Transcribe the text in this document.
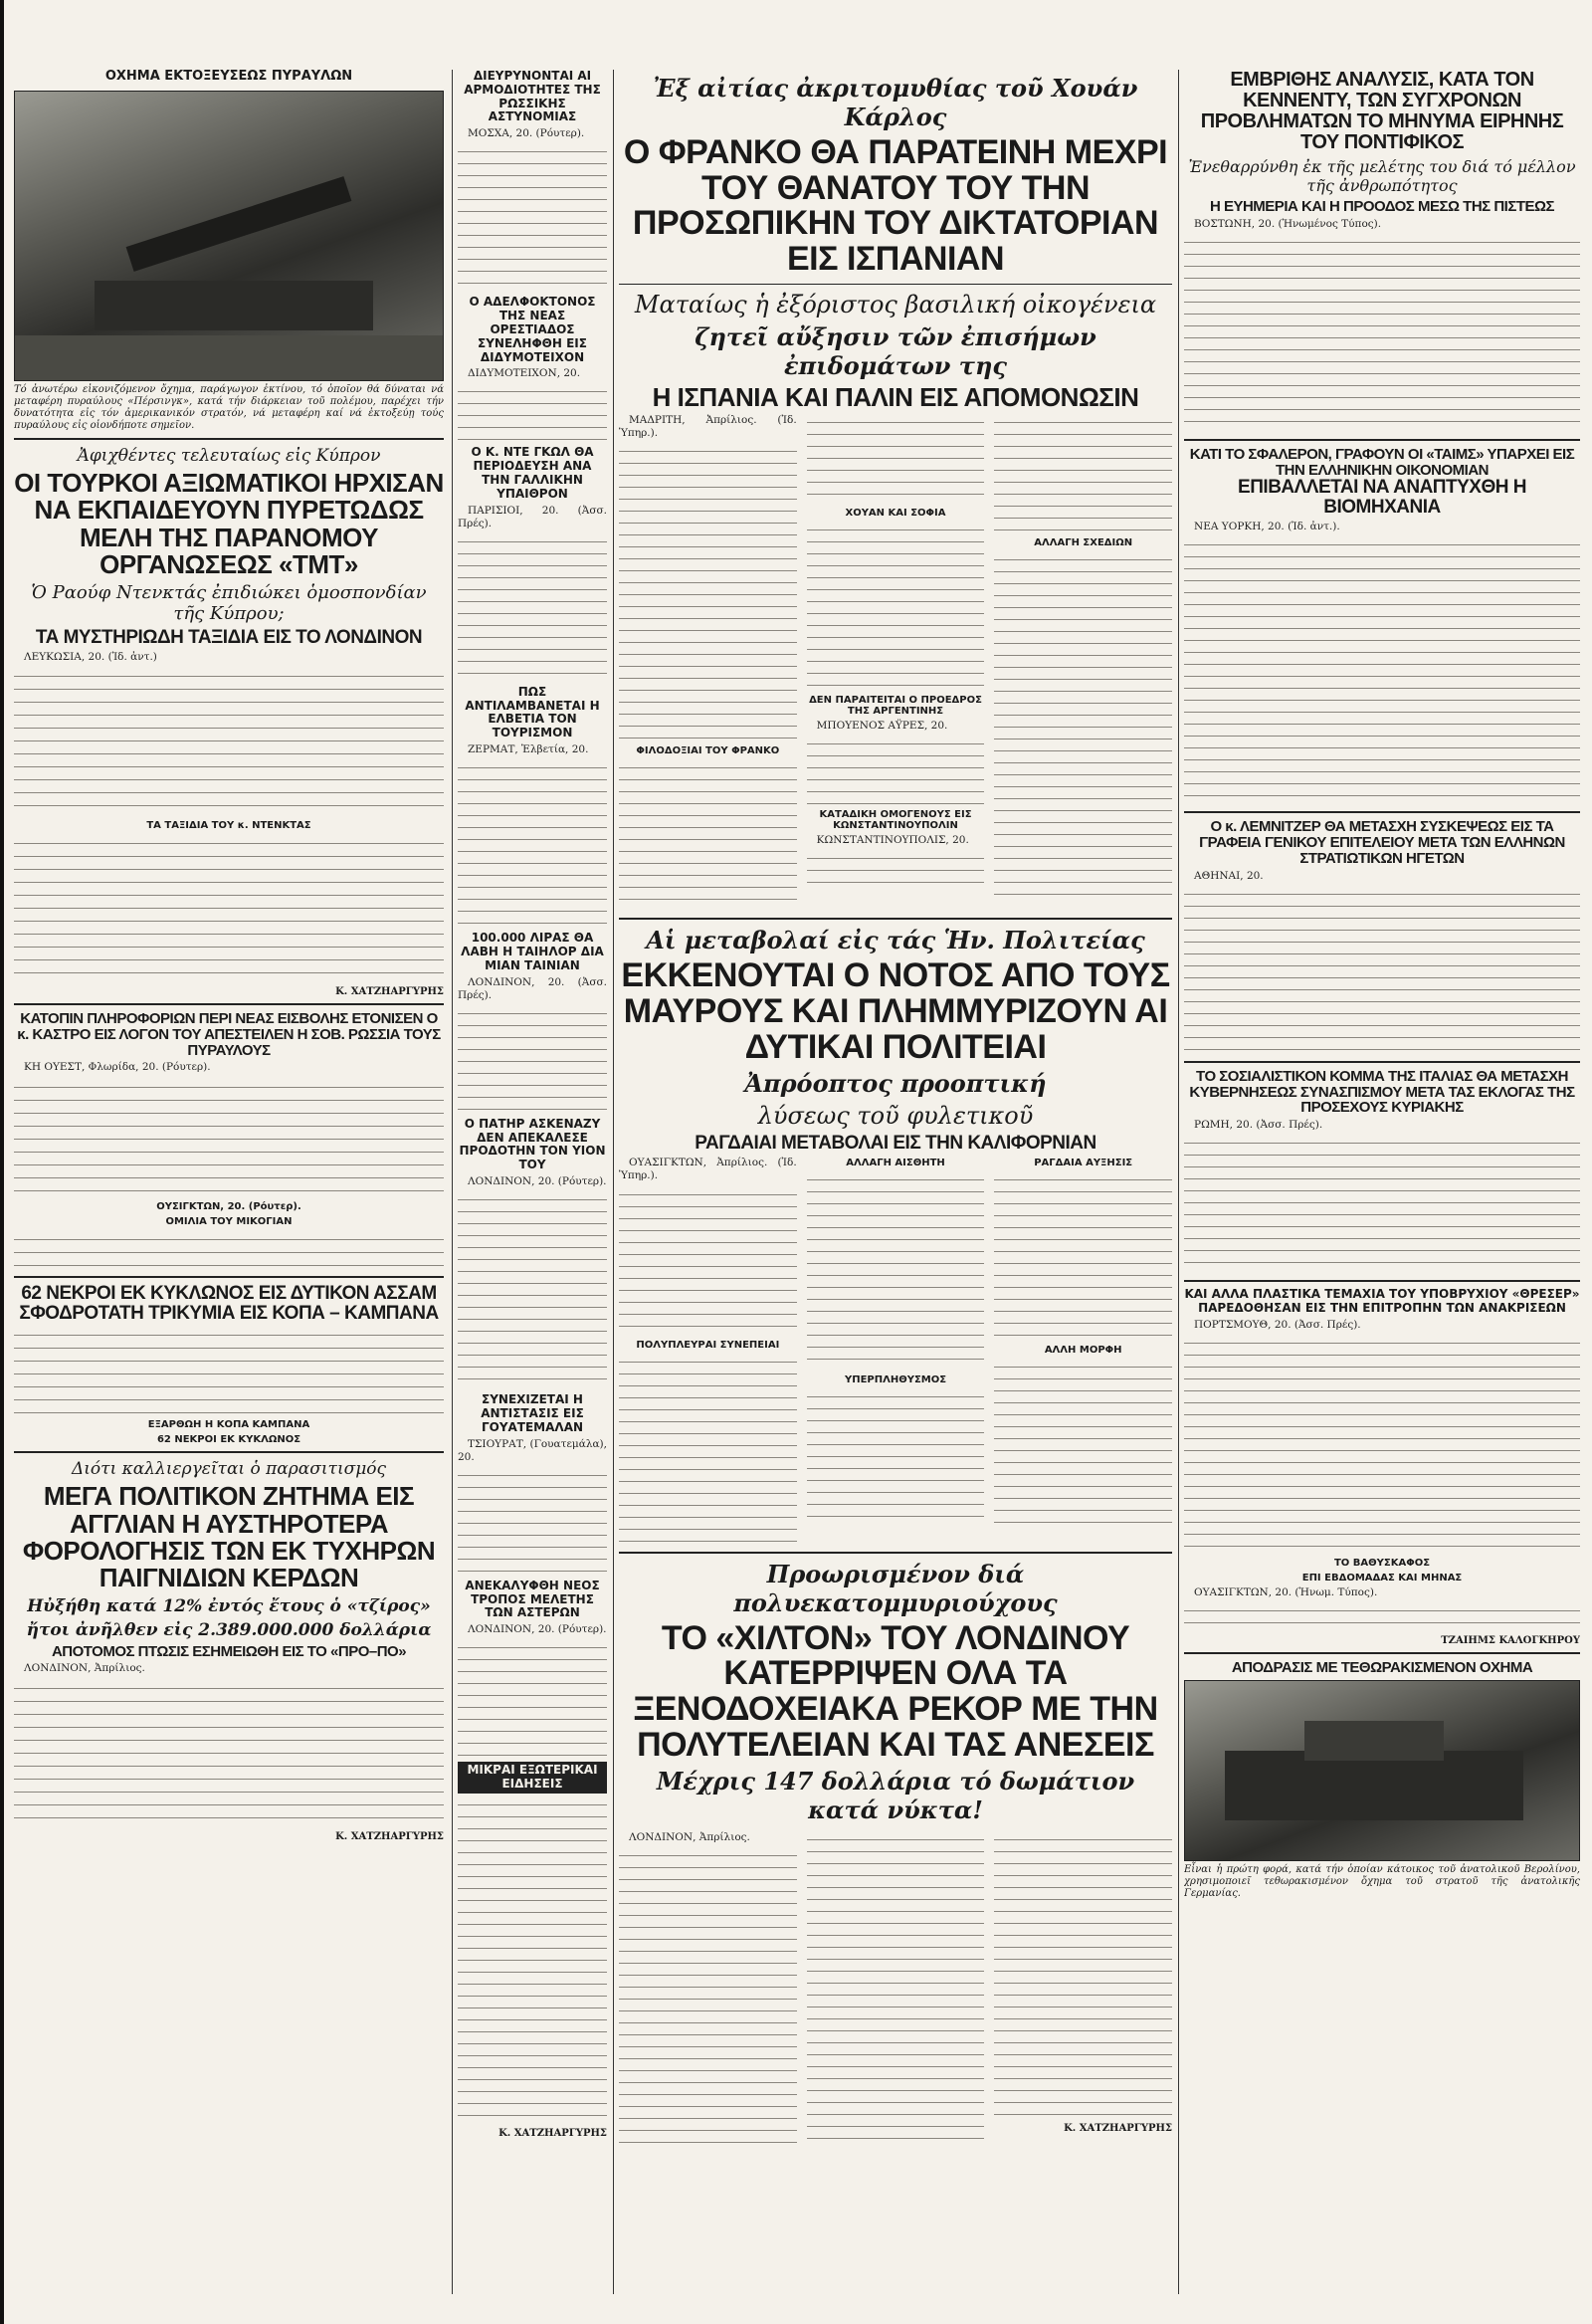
ΟΧΗΜΑ ΕΚΤΟΞΕΥΣΕΩΣ ΠΥΡΑΥΛΩΝ
Τό ἀνωτέρω εἰκονιζόμενον ὄχημα, παράγωγον ἐκτίνου, τό ὁποῖον θά δύναται νά μεταφέρη πυραύλους «Πέρσινγκ», κατά τήν διάρκειαν τοῦ πολέμου, παρέχει τήν δυνατότητα εἰς τόν ἀμερικανικόν στρατόν, νά μεταφέρη καί νά ἐκτοξεύῃ τούς πυραύλους εἰς οἱονδήποτε σημεῖον.
Ἀφιχθέντες τελευταίως εἰς Κύπρον
ΟΙ ΤΟΥΡΚΟΙ ΑΞΙΩΜΑΤΙΚΟΙ ΗΡΧΙΣΑΝ ΝΑ ΕΚΠΑΙΔΕΥΟΥΝ ΠΥΡΕΤΩΔΩΣ ΜΕΛΗ ΤΗΣ ΠΑΡΑΝΟΜΟΥ ΟΡΓΑΝΩΣΕΩΣ «ΤΜΤ»
Ὁ Ραούφ Ντενκτάς ἐπιδιώκει ὁμοσπονδίαν τῆς Κύπρου;
ΤΑ ΜΥΣΤΗΡΙΩΔΗ ΤΑΞΙΔΙΑ ΕΙΣ ΤΟ ΛΟΝΔΙΝΟΝ
ΛΕΥΚΩΣΙΑ, 20. (Ἰδ. ἀντ.)
ΤΑ ΤΑΞΙΔΙΑ ΤΟΥ κ. ΝΤΕΝΚΤΑΣ
Κ. ΧΑΤΖΗΑΡΓΥΡΗΣ
ΚΑΤΟΠΙΝ ΠΛΗΡΟΦΟΡΙΩΝ ΠΕΡΙ ΝΕΑΣ ΕΙΣΒΟΛΗΣ ΕΤΟΝΙΣΕΝ Ο κ. ΚΑΣΤΡΟ ΕΙΣ ΛΟΓΟΝ ΤΟΥ ΑΠΕΣΤΕΙΛΕΝ Η ΣΟΒ. ΡΩΣΣΙΑ ΤΟΥΣ ΠΥΡΑΥΛΟΥΣ
ΚΗ ΟΥΕΣΤ, Φλωρίδα, 20. (Ρόυτερ).
ΟΥΣΙΓΚΤΩΝ, 20. (Ρόυτερ).
ΟΜΙΛΙΑ ΤΟΥ ΜΙΚΟΓΙΑΝ
62 ΝΕΚΡΟΙ ΕΚ ΚΥΚΛΩΝΟΣ ΕΙΣ ΔΥΤΙΚΟΝ ΑΣΣΑΜ
ΣΦΟΔΡΟΤΑΤΗ ΤΡΙΚΥΜΙΑ ΕΙΣ ΚΟΠΑ – ΚΑΜΠΑΝΑ
ΕΞΑΡΘΩΗ Η ΚΟΠΑ ΚΑΜΠΑΝΑ
62 ΝΕΚΡΟΙ ΕΚ ΚΥΚΛΩΝΟΣ
Διότι καλλιεργεῖται ὁ παρασιτισμός
ΜΕΓΑ ΠΟΛΙΤΙΚΟΝ ΖΗΤΗΜΑ ΕΙΣ ΑΓΓΛΙΑΝ Η ΑΥΣΤΗΡΟΤΕΡΑ ΦΟΡΟΛΟΓΗΣΙΣ ΤΩΝ ΕΚ ΤΥΧΗΡΩΝ ΠΑΙΓΝΙΔΙΩΝ ΚΕΡΔΩΝ
Ηὐξήθη κατά 12% ἐντός ἔτους ὁ «τζίρος»
ἤτοι ἀνῆλθεν εἰς 2.389.000.000 δολλάρια
ΑΠΟΤΟΜΟΣ ΠΤΩΣΙΣ ΕΣΗΜΕΙΩΘΗ ΕΙΣ ΤΟ «ΠΡΟ–ΠΟ»
ΛΟΝΔΙΝΟΝ, Ἀπρίλιος.
Κ. ΧΑΤΖΗΑΡΓΥΡΗΣ
ΔΙΕΥΡΥΝΟΝΤΑΙ ΑΙ ΑΡΜΟΔΙΟΤΗΤΕΣ ΤΗΣ ΡΩΣΣΙΚΗΣ ΑΣΤΥΝΟΜΙΑΣ
ΜΟΣΧΑ, 20. (Ρόυτερ).
Ο ΑΔΕΛΦΟΚΤΟΝΟΣ ΤΗΣ ΝΕΑΣ ΟΡΕΣΤΙΑΔΟΣ ΣΥΝΕΛΗΦΘΗ ΕΙΣ ΔΙΔΥΜΟΤΕΙΧΟΝ
ΔΙΔΥΜΟΤΕΙΧΟΝ, 20.
Ο Κ. ΝΤΕ ΓΚΩΛ ΘΑ ΠΕΡΙΟΔΕΥΣΗ ΑΝΑ ΤΗΝ ΓΑΛΛΙΚΗΝ ΥΠΑΙΘΡΟΝ
ΠΑΡΙΣΙΟΙ, 20. (Ἀσσ. Πρές).
ΠΩΣ ΑΝΤΙΛΑΜΒΑΝΕΤΑΙ Η ΕΛΒΕΤΙΑ ΤΟΝ ΤΟΥΡΙΣΜΟΝ
ΖΕΡΜΑΤ, Ἑλβετία, 20.
100.000 ΛΙΡΑΣ ΘΑ ΛΑΒΗ Η ΤΑΙΗΛΟΡ ΔΙΑ ΜΙΑΝ ΤΑΙΝΙΑΝ
ΛΟΝΔΙΝΟΝ, 20. (Ἀσσ. Πρές).
Ο ΠΑΤΗΡ ΑΣΚΕΝΑΖΥ ΔΕΝ ΑΠΕΚΑΛΕΣΕ ΠΡΟΔΟΤΗΝ ΤΟΝ ΥΙΟΝ ΤΟΥ
ΛΟΝΔΙΝΟΝ, 20. (Ρόυτερ).
ΣΥΝΕΧΙΖΕΤΑΙ Η ΑΝΤΙΣΤΑΣΙΣ ΕΙΣ ΓΟΥΑΤΕΜΑΛΑΝ
ΤΣΙΟΥΡΑΤ, (Γουατεμάλα), 20.
ΑΝΕΚΑΛΥΦΘΗ ΝΕΟΣ ΤΡΟΠΟΣ ΜΕΛΕΤΗΣ ΤΩΝ ΑΣΤΕΡΩΝ
ΛΟΝΔΙΝΟΝ, 20. (Ρόυτερ).
ΜΙΚΡΑΙ ΕΞΩΤΕΡΙΚΑΙ ΕΙΔΗΣΕΙΣ
Κ. ΧΑΤΖΗΑΡΓΥΡΗΣ
Ἐξ αἰτίας ἀκριτομυθίας τοῦ Χουάν Κάρλος
Ο ΦΡΑΝΚΟ ΘΑ ΠΑΡΑΤΕΙΝΗ ΜΕΧΡΙ ΤΟΥ ΘΑΝΑΤΟΥ ΤΟΥ ΤΗΝ ΠΡΟΣΩΠΙΚΗΝ ΤΟΥ ΔΙΚΤΑΤΟΡΙΑΝ ΕΙΣ ΙΣΠΑΝΙΑΝ
Ματαίως ἡ ἐξόριστος βασιλική οἰκογένεια
ζητεῖ αὔξησιν τῶν ἐπισήμων ἐπιδομάτων της
Η ΙΣΠΑΝΙΑ ΚΑΙ ΠΑΛΙΝ ΕΙΣ ΑΠΟΜΟΝΩΣΙΝ
ΜΑΔΡΙΤΗ, Ἀπρίλιος. (Ἰδ. Ὑπηρ.).
ΦΙΛΟΔΟΞΙΑΙ ΤΟΥ ΦΡΑΝΚΟ
ΧΟΥΑΝ ΚΑΙ ΣΟΦΙΑ
ΔΕΝ ΠΑΡΑΙΤΕΙΤΑΙ Ο ΠΡΟΕΔΡΟΣ ΤΗΣ ΑΡΓΕΝΤΙΝΗΣ
ΜΠΟΥΕΝΟΣ ΑΫΡΕΣ, 20.
ΚΑΤΑΔΙΚΗ ΟΜΟΓΕΝΟΥΣ ΕΙΣ ΚΩΝΣΤΑΝΤΙΝΟΥΠΟΛΙΝ
ΚΩΝΣΤΑΝΤΙΝΟΥΠΟΛΙΣ, 20.
ΑΛΛΑΓΗ ΣΧΕΔΙΩΝ
Αἱ μεταβολαί εἰς τάς Ἡν. Πολιτείας
ΕΚΚΕΝΟΥΤΑΙ Ο ΝΟΤΟΣ ΑΠΟ ΤΟΥΣ ΜΑΥΡΟΥΣ ΚΑΙ ΠΛΗΜΜΥΡΙΖΟΥΝ ΑΙ ΔΥΤΙΚΑΙ ΠΟΛΙΤΕΙΑΙ
Ἀπρόοπτος προοπτική
λύσεως τοῦ φυλετικοῦ
ΡΑΓΔΑΙΑΙ ΜΕΤΑΒΟΛΑΙ ΕΙΣ ΤΗΝ ΚΑΛΙΦΟΡΝΙΑΝ
ΟΥΑΣΙΓΚΤΩΝ, Ἀπρίλιος. (Ἰδ. Ὑπηρ.).
ΠΟΛΥΠΛΕΥΡΑΙ ΣΥΝΕΠΕΙΑΙ
ΑΛΛΑΓΗ ΑΙΣΘΗΤΗ
ΥΠΕΡΠΛΗΘΥΣΜΟΣ
ΡΑΓΔΑΙΑ ΑΥΞΗΣΙΣ
ΑΛΛΗ ΜΟΡΦΗ
Προωρισμένον διά πολυεκατομμυριούχους
ΤΟ «ΧΙΛΤΟΝ» ΤΟΥ ΛΟΝΔΙΝΟΥ ΚΑΤΕΡΡΙΨΕΝ ΟΛΑ ΤΑ ΞΕΝΟΔΟΧΕΙΑΚΑ ΡΕΚΟΡ ΜΕ ΤΗΝ ΠΟΛΥΤΕΛΕΙΑΝ ΚΑΙ ΤΑΣ ΑΝΕΣΕΙΣ
Μέχρις 147 δολλάρια τό δωμάτιον κατά νύκτα!
ΛΟΝΔΙΝΟΝ, Ἀπρίλιος.
Κ. ΧΑΤΖΗΑΡΓΥΡΗΣ
ΕΜΒΡΙΘΗΣ ΑΝΑΛΥΣΙΣ, ΚΑΤΑ ΤΟΝ ΚΕΝΝΕΝΤΥ, ΤΩΝ ΣΥΓΧΡΟΝΩΝ ΠΡΟΒΛΗΜΑΤΩΝ ΤΟ ΜΗΝΥΜΑ ΕΙΡΗΝΗΣ ΤΟΥ ΠΟΝΤΙΦΙΚΟΣ
Ἐνεθαρρύνθη ἐκ τῆς μελέτης του διά τό μέλλον τῆς ἀνθρωπότητος
Η ΕΥΗΜΕΡΙΑ ΚΑΙ Η ΠΡΟΟΔΟΣ ΜΕΣΩ ΤΗΣ ΠΙΣΤΕΩΣ
ΒΟΣΤΩΝΗ, 20. (Ἡνωμένος Τύπος).
ΚΑΤΙ ΤΟ ΣΦΑΛΕΡΟΝ, ΓΡΑΦΟΥΝ ΟΙ «ΤΑΙΜΣ» ΥΠΑΡΧΕΙ ΕΙΣ ΤΗΝ ΕΛΛΗΝΙΚΗΝ ΟΙΚΟΝΟΜΙΑΝ
ΕΠΙΒΑΛΛΕΤΑΙ ΝΑ ΑΝΑΠΤΥΧΘΗ Η ΒΙΟΜΗΧΑΝΙΑ
ΝΕΑ ΥΟΡΚΗ, 20. (Ἰδ. ἀντ.).
Ο κ. ΛΕΜΝΙΤΖΕΡ ΘΑ ΜΕΤΑΣΧΗ ΣΥΣΚΕΨΕΩΣ ΕΙΣ ΤΑ ΓΡΑΦΕΙΑ ΓΕΝΙΚΟΥ ΕΠΙΤΕΛΕΙΟΥ ΜΕΤΑ ΤΩΝ ΕΛΛΗΝΩΝ ΣΤΡΑΤΙΩΤΙΚΩΝ ΗΓΕΤΩΝ
ΑΘΗΝΑΙ, 20.
ΤΟ ΣΟΣΙΑΛΙΣΤΙΚΟΝ ΚΟΜΜΑ ΤΗΣ ΙΤΑΛΙΑΣ ΘΑ ΜΕΤΑΣΧΗ ΚΥΒΕΡΝΗΣΕΩΣ ΣΥΝΑΣΠΙΣΜΟΥ ΜΕΤΑ ΤΑΣ ΕΚΛΟΓΑΣ ΤΗΣ ΠΡΟΣΕΧΟΥΣ ΚΥΡΙΑΚΗΣ
ΡΩΜΗ, 20. (Ἀσσ. Πρές).
ΚΑΙ ΑΛΛΑ ΠΛΑΣΤΙΚΑ ΤΕΜΑΧΙΑ ΤΟΥ ΥΠΟΒΡΥΧΙΟΥ «ΘΡΕΣΕΡ» ΠΑΡΕΔΟΘΗΣΑΝ ΕΙΣ ΤΗΝ ΕΠΙΤΡΟΠΗΝ ΤΩΝ ΑΝΑΚΡΙΣΕΩΝ
ΠΟΡΤΣΜΟΥΘ, 20. (Ἀσσ. Πρές).
ΤΟ ΒΑΘΥΣΚΑΦΟΣ
ΕΠΙ ΕΒΔΟΜΑΔΑΣ ΚΑΙ ΜΗΝΑΣ
ΟΥΑΣΙΓΚΤΩΝ, 20. (Ἡνωμ. Τύπος).
ΤΖΑΙΗΜΣ ΚΑΛΟΓΚΗΡΟΥ
ΑΠΟΔΡΑΣΙΣ ΜΕ ΤΕΘΩΡΑΚΙΣΜΕΝΟΝ ΟΧΗΜΑ
Εἶναι ἡ πρώτη φορά, κατά τήν ὁποίαν κάτοικος τοῦ ἀνατολικοῦ Βερολίνου, χρησιμοποιεῖ τεθωρακισμένον ὄχημα τοῦ στρατοῦ τῆς ἀνατολικῆς Γερμανίας.
